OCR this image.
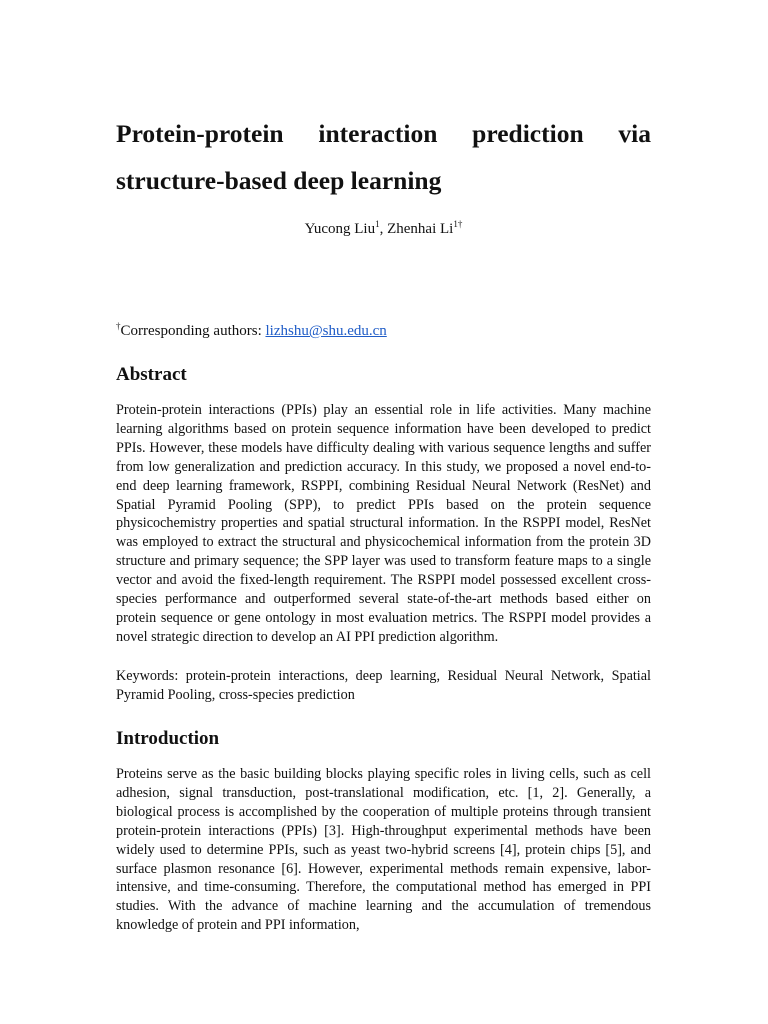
Protein-protein interaction prediction via structure-based deep learning
Yucong Liu$^1$, Zhenhai $Li^{1\dagger}$
†Corresponding authors: lizhshu@shu.edu.cn
Abstract

Protein-protein interactions (PPIs) play an essential role in life activities. Many machine learning algorithms based on protein sequence information have been developed to predict PPIs. However, these models have difficulty dealing with various sequence lengths and suffer from low generalization and prediction accuracy. In this study, we proposed a novel end-to-end deep learning framework, RSPPI, combining Residual Neural Network (ResNet) and Spatial Pyramid Pooling (SPP), to predict PPIs based on the protein sequence physicochemistry properties and spatial structural information. In the RSPPI model, ResNet was employed to extract the structural and physicochemical information from the protein 3D structure and primary sequence; the SPP layer was used to transform feature maps to a single vector and avoid the fixed-length requirement. The RSPPI model possessed excellent cross-species performance and outperformed several state-of-the-art methods based either on protein sequence or gene ontology in most evaluation metrics. The RSPPI model provides a novel strategic direction to develop an AI PPI prediction algorithm.

Keywords: protein-protein interactions, deep learning, Residual Neural Network, Spatial Pyramid Pooling, cross-species prediction

Introduction

Proteins serve as the basic building blocks playing specific roles in living cells, such as cell adhesion, signal transduction, post-translational modification, etc. [1, 2]. Generally, a biological process is accomplished by the cooperation of multiple proteins through transient protein-protein interactions (PPIs) [3]. High-throughput experimental methods have been widely used to determine PPIs, such as yeast two-hybrid screens [4], protein chips [5], and surface plasmon resonance [6]. However, experimental methods remain expensive, labor-intensive, and time-consuming. Therefore, the computational method has emerged in PPI studies. With the advance of machine learning and the accumulation of tremendous knowledge of protein and PPI information,
